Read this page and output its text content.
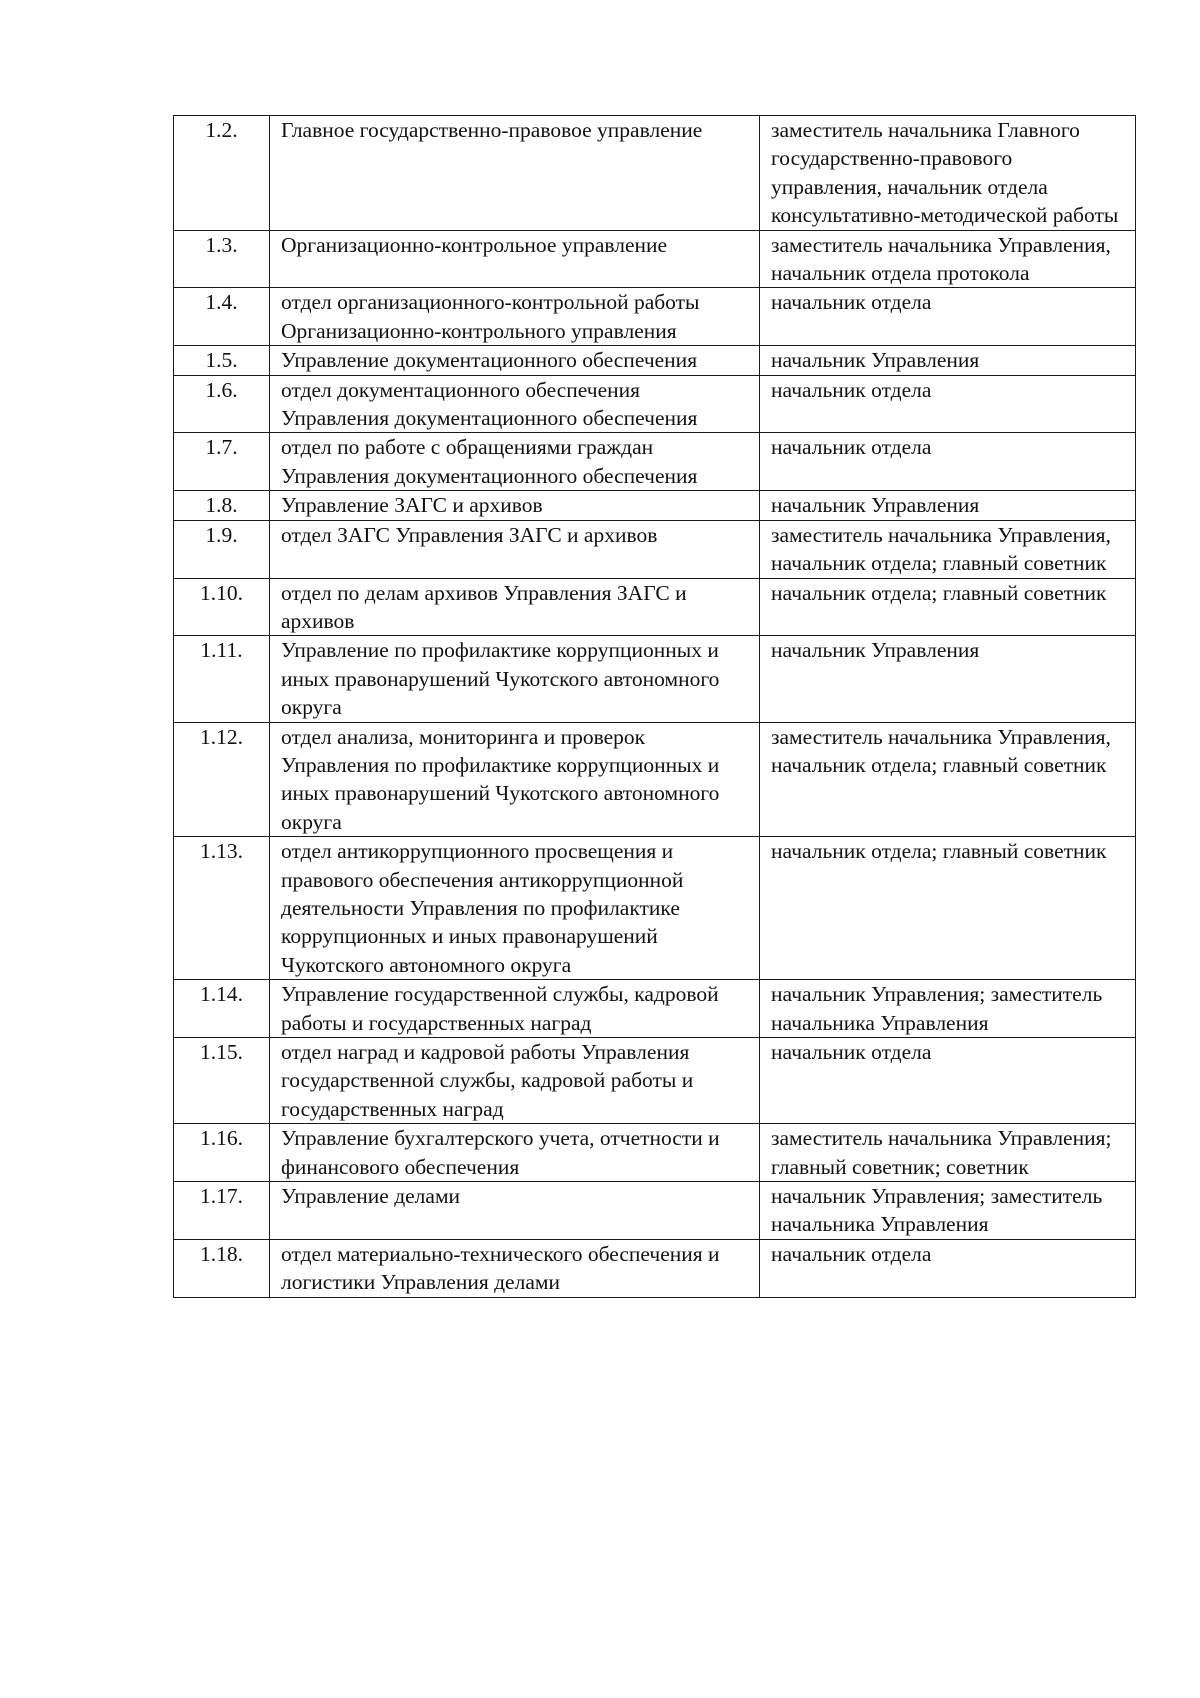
1.2.	Главное государственно-правовое управление	заместитель начальника Главного государственно-правового управления, начальник отдела консультативно-методической работы
1.3.	Организационно-контрольное управление	заместитель начальника Управления, начальник отдела протокола
1.4.	отдел организационного-контрольной работы Организационно-контрольного управления	начальник отдела
1.5.	Управление документационного обеспечения	начальник Управления
1.6.	отдел документационного обеспечения Управления документационного обеспечения	начальник отдела
1.7.	отдел по работе с обращениями граждан Управления документационного обеспечения	начальник отдела
1.8.	Управление ЗАГС и архивов	начальник Управления
1.9.	отдел ЗАГС Управления ЗАГС и архивов	заместитель начальника Управления, начальник отдела; главный советник
1.10.	отдел по делам архивов Управления ЗАГС и архивов	начальник отдела; главный советник
1.11.	Управление по профилактике коррупционных и иных правонарушений Чукотского автономного округа	начальник Управления
1.12.	отдел анализа, мониторинга и проверок Управления по профилактике коррупционных и иных правонарушений Чукотского автономного округа	заместитель начальника Управления, начальник отдела; главный советник
1.13.	отдел антикоррупционного просвещения и правового обеспечения антикоррупционной деятельности Управления по профилактике коррупционных и иных правонарушений Чукотского автономного округа	начальник отдела; главный советник
1.14.	Управление государственной службы, кадровой работы и государственных наград	начальник Управления; заместитель начальника Управления
1.15.	отдел наград и кадровой работы Управления государственной службы, кадровой работы и государственных наград	начальник отдела
1.16.	Управление бухгалтерского учета, отчетности и финансового обеспечения	заместитель начальника Управления; главный советник; советник
1.17.	Управление делами	начальник Управления; заместитель начальника Управления
1.18.	отдел материально-технического обеспечения и логистики Управления делами	начальник отдела
